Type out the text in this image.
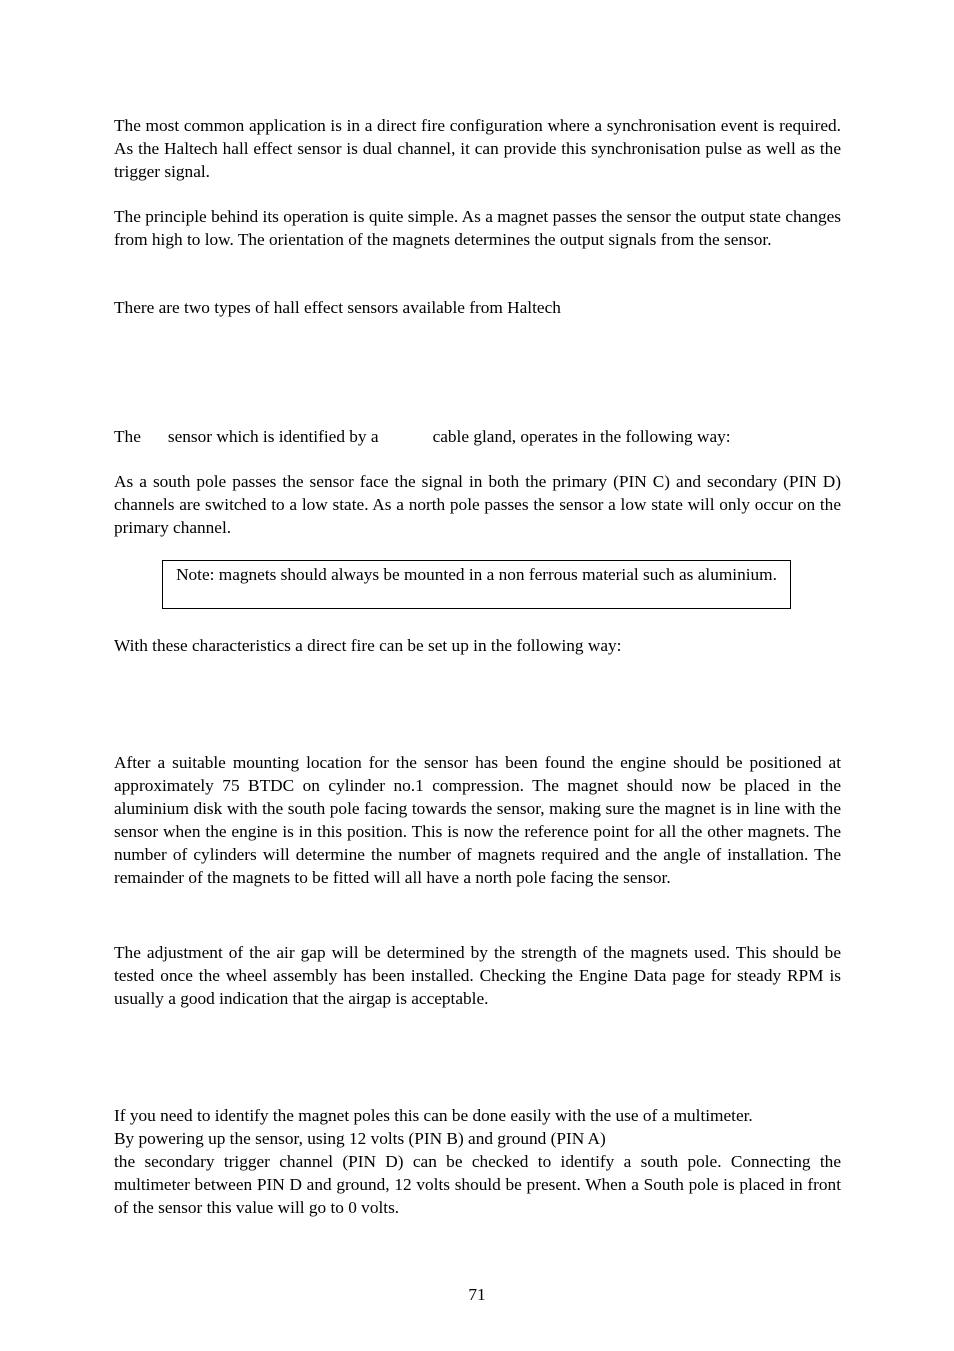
The most common application is in a direct fire configuration where a synchronisation event is required. As the Haltech hall effect sensor is dual channel, it can provide this synchronisation pulse as well as the trigger signal.

The principle behind its operation is quite simple. As a magnet passes the sensor the output state changes from high to low. The orientation of the magnets determines the output signals from the sensor.

There are two types of hall effect sensors available from Haltech

The sensor which is identified by a	cable gland, operates in the following way:

As a south pole passes the sensor face the signal in both the primary (PIN C) and secondary (PIN D) channels are switched to a low state. As a north pole passes the sensor a low state will only occur on the primary channel.

Note: magnets should always be mounted in a non ferrous material such as aluminium.

With these characteristics a direct fire can be set up in the following way:

After a suitable mounting location for the sensor has been found the engine should be positioned at approximately 75 BTDC on cylinder no.1 compression. The magnet should now be placed in the aluminium disk with the south pole facing towards the sensor, making sure the magnet is in line with the sensor when the engine is in this position. This is now the reference point for all the other magnets. The number of cylinders will determine the number of magnets required and the angle of installation. The remainder of the magnets to be fitted will all have a north pole facing the sensor.

The adjustment of the air gap will be determined by the strength of the magnets used. This should be tested once the wheel assembly has been installed. Checking the Engine Data page for steady RPM is usually a good indication that the airgap is acceptable.

If you need to identify the magnet poles this can be done easily with the use of a multimeter.
By powering up the sensor, using 12 volts (PIN B) and ground (PIN A)
the secondary trigger channel (PIN D) can be checked to identify a south pole. Connecting the multimeter between PIN D and ground, 12 volts should be present. When a South pole is placed in front of the sensor this value will go to 0 volts.
71
